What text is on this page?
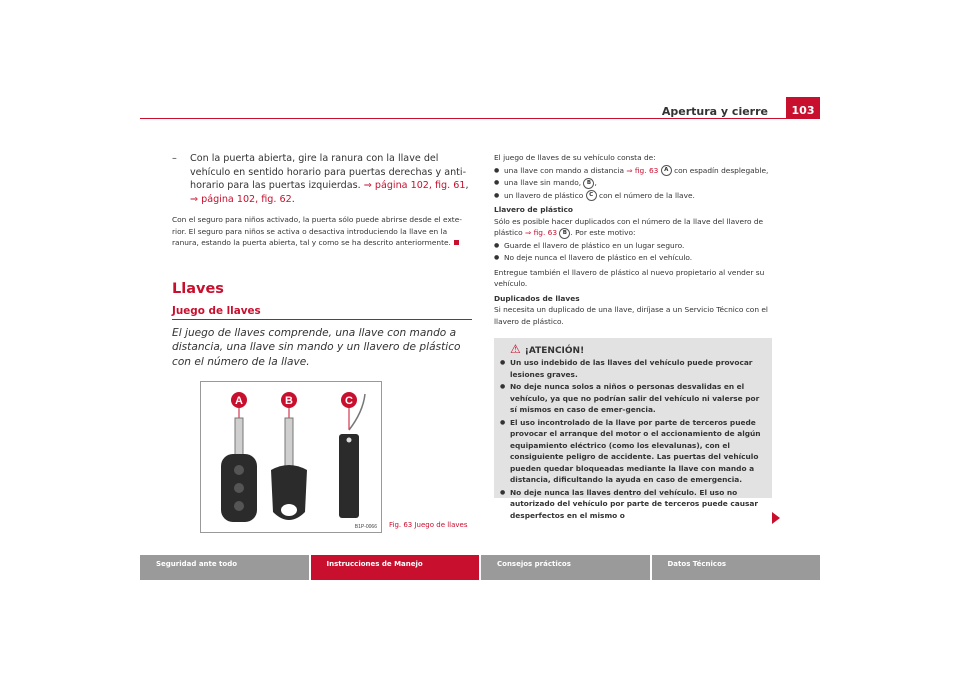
Apertura y cierre	103
– Con la puerta abierta, gire la ranura con la llave del vehículo en sentido horario para puertas derechas y anti-horario para las puertas izquierdas. ⇒ página 102, fig. 61, ⇒ página 102, fig. 62.
Con el seguro para niños activado, la puerta sólo puede abrirse desde el exte-rior. El seguro para niños se activa o desactiva introduciendo la llave en la ranura, estando la puerta abierta, tal y como se ha descrito anteriormente.
Llaves
Juego de llaves
El juego de llaves comprende, una llave con mando a distancia, una llave sin mando y un llavero de plástico con el número de la llave.
A	B	C
B1P-0066 Fig. 63 Juego de llaves
El juego de llaves de su vehículo consta de:
● una llave con mando a distancia ⇒ fig. 63 A con espadín desplegable,
● una llave sin mando, B ,
● un llavero de plástico C con el número de la llave.
Llavero de plástico
Sólo es posible hacer duplicados con el número de la llave del llavero de plástico ⇒ fig. 63 B . Por este motivo:
● Guarde el llavero de plástico en un lugar seguro.
● No deje nunca el llavero de plástico en el vehículo.
Entregue también el llavero de plástico al nuevo propietario al vender su vehículo.
Duplicados de llaves
Si necesita un duplicado de una llave, diríjase a un Servicio Técnico con el llavero de plástico.
⚠ ¡ATENCIÓN!
● Un uso indebido de las llaves del vehículo puede provocar lesiones graves.
● No deje nunca solos a niños o personas desvalidas en el vehículo, ya que no podrían salir del vehículo ni valerse por sí mismos en caso de emer-gencia.
● El uso incontrolado de la llave por parte de terceros puede provocar el arranque del motor o el accionamiento de algún equipamiento eléctrico (como los elevalunas), con el consiguiente peligro de accidente. Las puertas del vehículo pueden quedar bloqueadas mediante la llave con mando a distancia, dificultando la ayuda en caso de emergencia.
● No deje nunca las llaves dentro del vehículo. El uso no autorizado del vehículo por parte de terceros puede causar desperfectos en el mismo o
Seguridad ante todo	Instrucciones de Manejo	Consejos prácticos	Datos Técnicos
